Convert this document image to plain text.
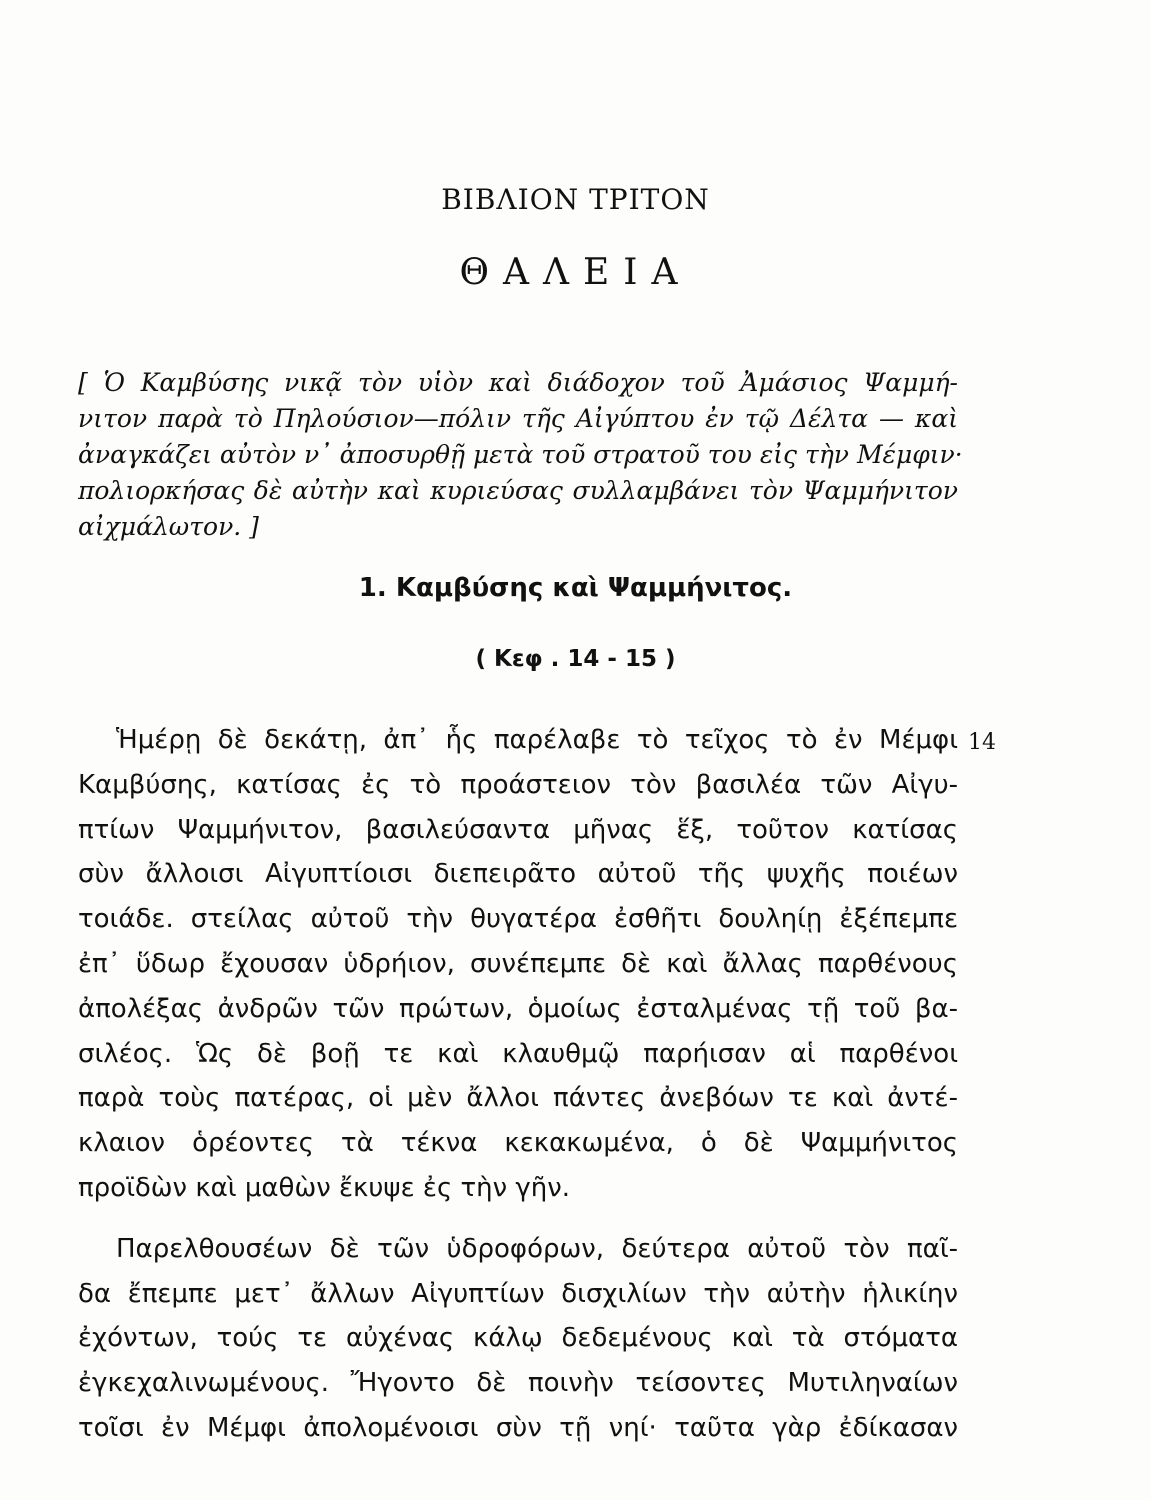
ΒΙΒΛΙΟΝ ΤΡΙΤΟΝ
ΘΑΛΕΙΑ
[ Ὁ Καμβύσης νικᾷ τὸν υἱὸν καὶ διάδοχον τοῦ Ἀμάσιος Ψαμμή-
νιτον παρὰ τὸ Πηλούσιον—πόλιν τῆς Αἰγύπτου ἐν τῷ Δέλτα — καὶ
ἀναγκάζει αὐτὸν ν᾽ ἀποσυρθῇ μετὰ τοῦ στρατοῦ του εἰς τὴν Μέμφιν·
πολιορκήσας δὲ αὐτὴν καὶ κυριεύσας συλλαμβάνει τὸν Ψαμμήνιτον
αἰχμάλωτον. ]
1. Καμβύσης καὶ Ψαμμήνιτος.
( Κεφ . 14 - 15 )
14
Ἡμέρῃ δὲ δεκάτῃ, ἀπ᾽ ἧς παρέλαβε τὸ τεῖχος τὸ ἐν Μέμφι
Καμβύσης, κατίσας ἐς τὸ προάστειον τὸν βασιλέα τῶν Αἰγυ-
πτίων Ψαμμήνιτον, βασιλεύσαντα μῆνας ἕξ, τοῦτον κατίσας
σὺν ἄλλοισι Αἰγυπτίοισι διεπειρᾶτο αὐτοῦ τῆς ψυχῆς ποιέων
τοιάδε. στείλας αὐτοῦ τὴν θυγατέρα ἐσθῆτι δουληίῃ ἐξέπεμπε
ἐπ᾽ ὕδωρ ἔχουσαν ὑδρήιον, συνέπεμπε δὲ καὶ ἄλλας παρθένους
ἀπολέξας ἀνδρῶν τῶν πρώτων, ὁμοίως ἐσταλμένας τῇ τοῦ βα-
σιλέος. Ὡς δὲ βοῇ τε καὶ κλαυθμῷ παρήισαν αἱ παρθένοι
παρὰ τοὺς πατέρας, οἱ μὲν ἄλλοι πάντες ἀνεβόων τε καὶ ἀντέ-
κλαιον ὁρέοντες τὰ τέκνα κεκακωμένα, ὁ δὲ Ψαμμήνιτος
προϊδὼν καὶ μαθὼν ἔκυψε ἐς τὴν γῆν.
Παρελθουσέων δὲ τῶν ὑδροφόρων, δεύτερα αὐτοῦ τὸν παῖ-
δα ἔπεμπε μετ᾽ ἄλλων Αἰγυπτίων δισχιλίων τὴν αὐτὴν ἡλικίην
ἐχόντων, τούς τε αὐχένας κάλῳ δεδεμένους καὶ τὰ στόματα
ἐγκεχαλινωμένους. Ἤγοντο δὲ ποινὴν τείσοντες Μυτιληναίων
τοῖσι ἐν Μέμφι ἀπολομένοισι σὺν τῇ νηί· ταῦτα γὰρ ἐδίκασαν
